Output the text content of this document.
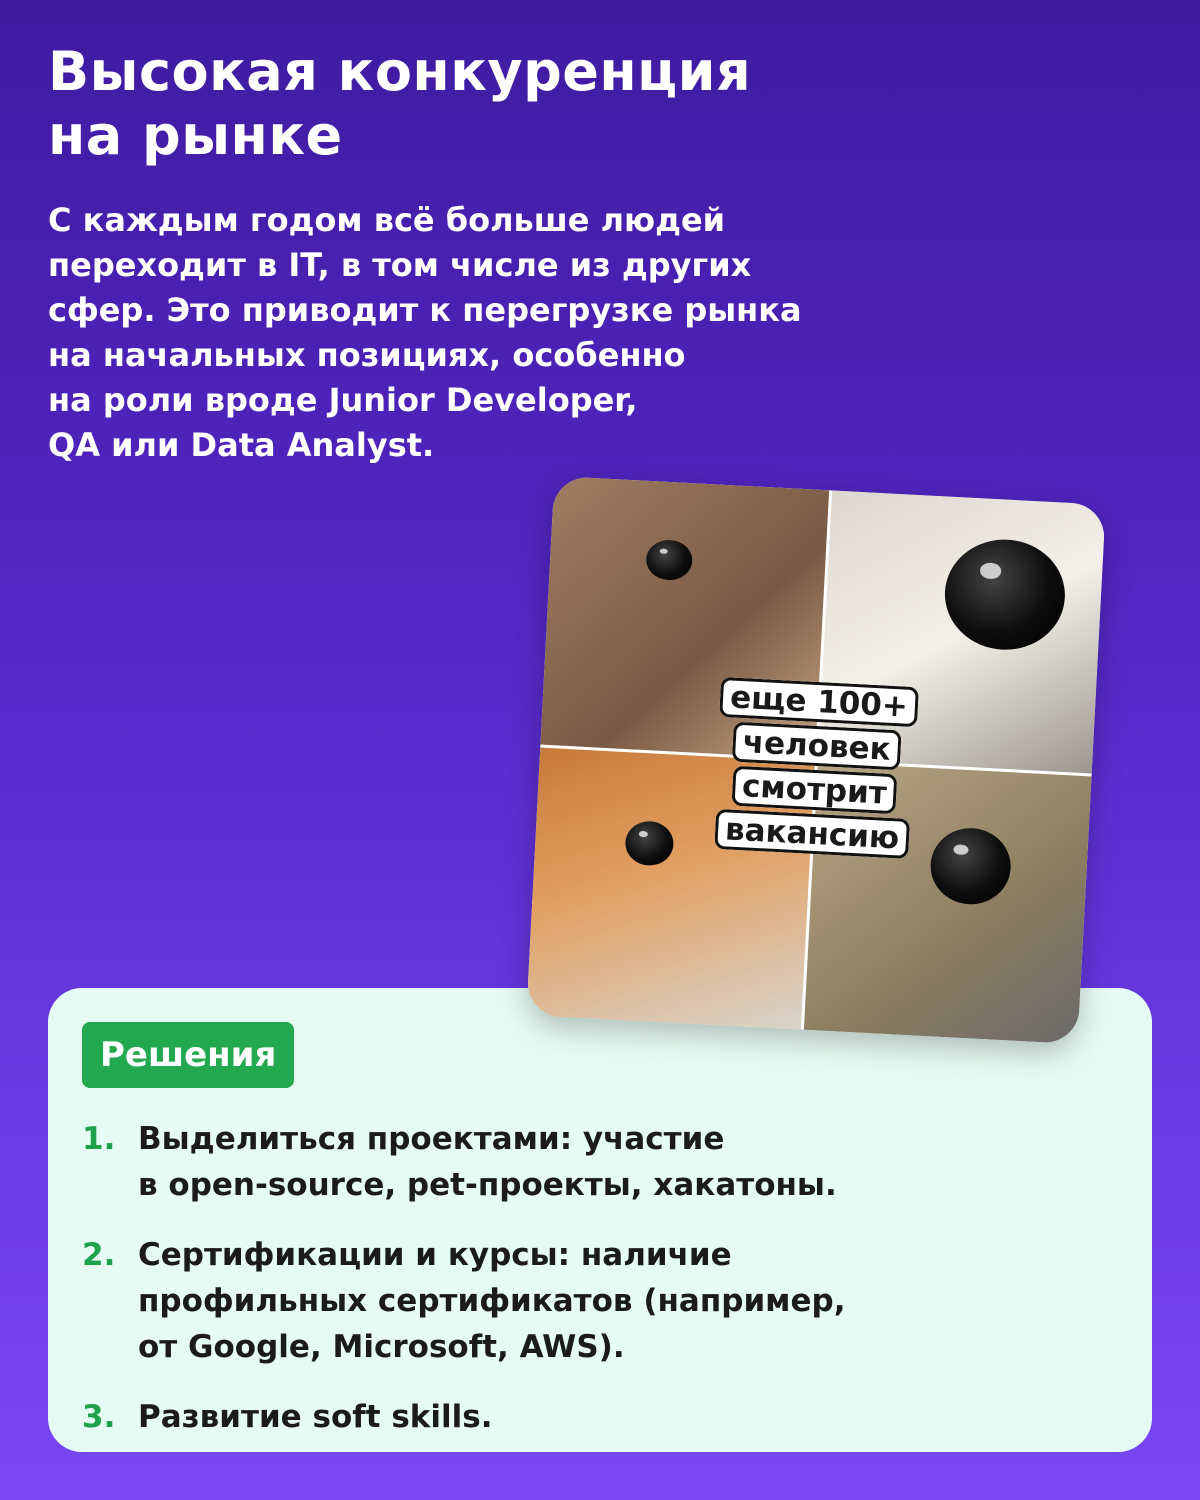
Высокая конкуренция
на рынке
С каждым годом всё больше людей
переходит в IT, в том числе из других
сфер. Это приводит к перегрузке рынка
на начальных позициях, особенно
на роли вроде Junior Developer,
QA или Data Analyst.
еще 100+
человек
смотрит
вакансию
Решения
1. Выделиться проектами: участие
в open-source, pet-проекты, хакатоны.
2. Сертификации и курсы: наличие
профильных сертификатов (например,
от Google, Microsoft, AWS).
3. Развитие soft skills.
